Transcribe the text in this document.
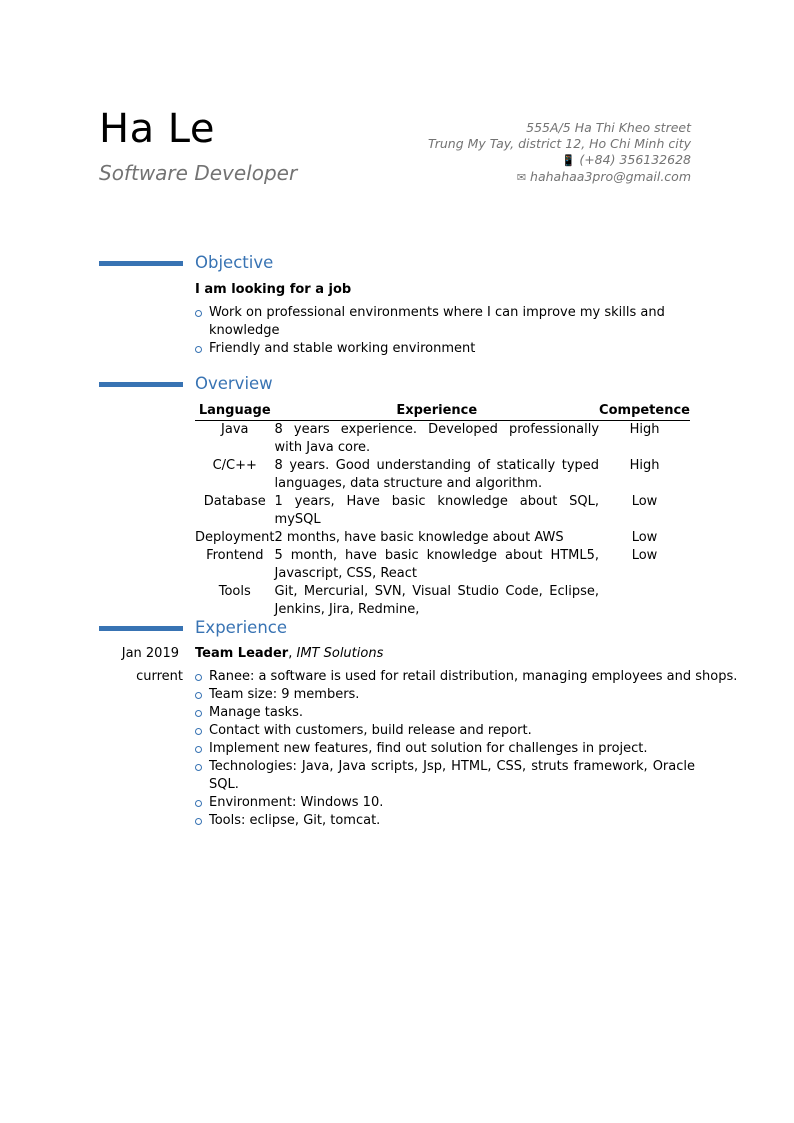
Ha Le
Software Developer
555A/5 Ha Thi Kheo street
Trung My Tay, district 12, Ho Chi Minh city
📱 (+84) 356132628
✉ hahahaa3pro@gmail.com
Objective
I am looking for a job
Work on professional environments where I can improve my skills and knowledge
Friendly and stable working environment
Overview
Language	Experience	Competence
Java	8 years experience. Developed professionally with Java core.	High
C/C++	8 years. Good understanding of statically typed languages, data structure and algorithm.	High
Database	1 years, Have basic knowledge about SQL, mySQL	Low
Deployment	2 months, have basic knowledge about AWS	Low
Frontend	5 month, have basic knowledge about HTML5, Javascript, CSS, React	Low
Tools	Git, Mercurial, SVN, Visual Studio Code, Eclipse, Jenkins, Jira, Redmine,	
Experience
Jan 2019
current
Team Leader, IMT Solutions
Ranee: a software is used for retail distribution, managing employees and shops.
Team size: 9 members.
Manage tasks.
Contact with customers, build release and report.
Implement new features, find out solution for challenges in project.
Technologies: Java, Java scripts, Jsp, HTML, CSS, struts framework, Oracle SQL.
Environment: Windows 10.
Tools: eclipse, Git, tomcat.
